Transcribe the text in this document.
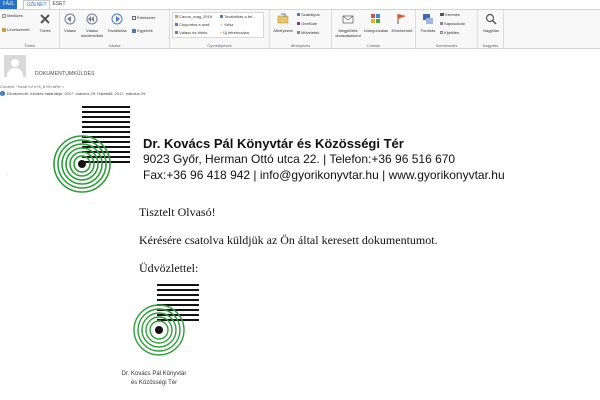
FÁJL	ÜZENET	ESET
Mellőzés
Levélszemét	Törlés
Törlés
Válasz	Válasz mindenkinek
Továbbítás
Értekezlet
Egyebek
Válasz
Canon_mag_2016
Csoportos e-mail
Válasz és törlés
Továbbítás a fel...
✓ Kész
ϟ Új létrehozása
Gyorslépések
Áthelyezés
Szabályok
OneNote
Műveletek
Áthelyezés
Megjelölés olvasatlanként
Kategorizálás Elintézendő
Címkék
Fordítás
Keresés
Kapcsolódó
Kijelölés
Szerkesztés
Nagyítás
Nagyítás
DOKUMENTUMKÜLDÉS
Címzett: ^Szab+ú+ó+6_8+i5+aRe^=
i Elintézendő. Kezdés határideje: 2017. március 29. Határidő: 2017. március 29.
◦
Dr. Kovács Pál Könyvtár és Közösségi Tér
9023 Győr, Herman Ottó utca 22. | Telefon:+36 96 516 670
Fax:+36 96 418 942 | info@gyorikonyvtar.hu | www.gyorikonyvtar.hu
Tisztelt Olvasó!
Kérésére csatolva küldjük az Ön által keresett dokumentumot.
Üdvözlettel:
Dr. Kovács Pál Könyvtár
és Közösségi Tér
